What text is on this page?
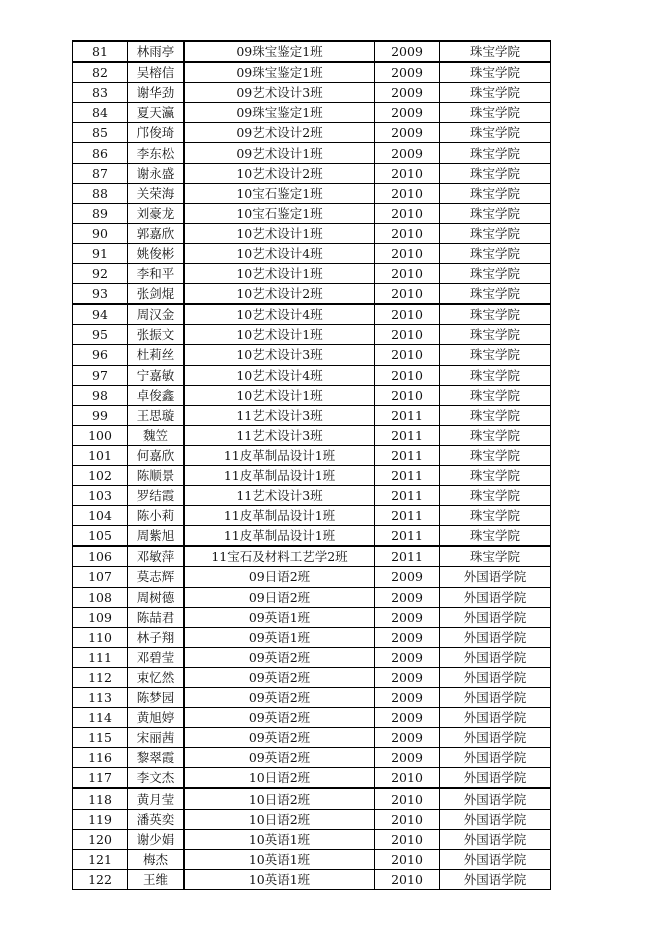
81	林雨亭	09珠宝鉴定1班	2009	珠宝学院
82	吴榕信	09珠宝鉴定1班	2009	珠宝学院
83	谢华劲	09艺术设计3班	2009	珠宝学院
84	夏天瀛	09珠宝鉴定1班	2009	珠宝学院
85	邝俊琦	09艺术设计2班	2009	珠宝学院
86	李东松	09艺术设计1班	2009	珠宝学院
87	谢永盛	10艺术设计2班	2010	珠宝学院
88	关荣海	10宝石鉴定1班	2010	珠宝学院
89	刘豪龙	10宝石鉴定1班	2010	珠宝学院
90	郭嘉欣	10艺术设计1班	2010	珠宝学院
91	姚俊彬	10艺术设计4班	2010	珠宝学院
92	李和平	10艺术设计1班	2010	珠宝学院
93	张剑焜	10艺术设计2班	2010	珠宝学院
94	周汉金	10艺术设计4班	2010	珠宝学院
95	张振文	10艺术设计1班	2010	珠宝学院
96	杜莉丝	10艺术设计3班	2010	珠宝学院
97	宁嘉敏	10艺术设计4班	2010	珠宝学院
98	卓俊鑫	10艺术设计1班	2010	珠宝学院
99	王思璇	11艺术设计3班	2011	珠宝学院
100	魏笠	11艺术设计3班	2011	珠宝学院
101	何嘉欣	11皮革制品设计1班	2011	珠宝学院
102	陈顺景	11皮革制品设计1班	2011	珠宝学院
103	罗结霞	11艺术设计3班	2011	珠宝学院
104	陈小莉	11皮革制品设计1班	2011	珠宝学院
105	周紫旭	11皮革制品设计1班	2011	珠宝学院
106	邓敏萍	11宝石及材料工艺学2班	2011	珠宝学院
107	莫志辉	09日语2班	2009	外国语学院
108	周树德	09日语2班	2009	外国语学院
109	陈喆君	09英语1班	2009	外国语学院
110	林子翔	09英语1班	2009	外国语学院
111	邓碧莹	09英语2班	2009	外国语学院
112	束忆然	09英语2班	2009	外国语学院
113	陈梦园	09英语2班	2009	外国语学院
114	黄旭婷	09英语2班	2009	外国语学院
115	宋丽茜	09英语2班	2009	外国语学院
116	黎翠霞	09英语2班	2009	外国语学院
117	李文杰	10日语2班	2010	外国语学院
118	黄月莹	10日语2班	2010	外国语学院
119	潘英奕	10日语2班	2010	外国语学院
120	谢少娟	10英语1班	2010	外国语学院
121	梅杰	10英语1班	2010	外国语学院
122	王维	10英语1班	2010	外国语学院
